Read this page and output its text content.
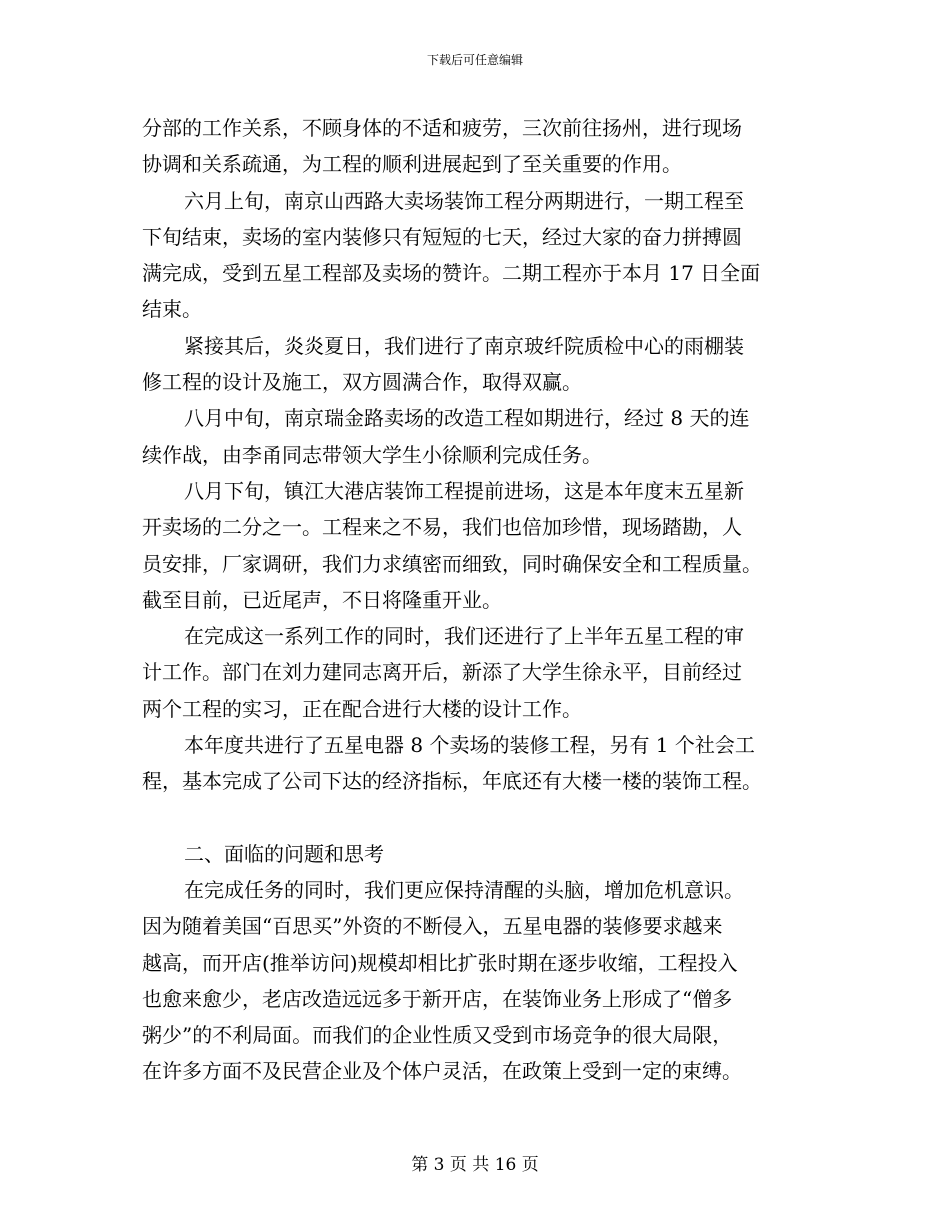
下载后可任意编辑
分部的工作关系，不顾身体的不适和疲劳，三次前往扬州，进行现场
协调和关系疏通，为工程的顺利进展起到了至关重要的作用。
六月上旬，南京山西路大卖场装饰工程分两期进行，一期工程至
下旬结束，卖场的室内装修只有短短的七天，经过大家的奋力拼搏圆
满完成，受到五星工程部及卖场的赞许。二期工程亦于本月 17 日全面
结束。
紧接其后，炎炎夏日，我们进行了南京玻纤院质检中心的雨棚装
修工程的设计及施工，双方圆满合作，取得双赢。
八月中旬，南京瑞金路卖场的改造工程如期进行，经过 8 天的连
续作战，由李甬同志带领大学生小徐顺利完成任务。
八月下旬，镇江大港店装饰工程提前进场，这是本年度末五星新
开卖场的二分之一。工程来之不易，我们也倍加珍惜，现场踏勘，人
员安排，厂家调研，我们力求缜密而细致，同时确保安全和工程质量。
截至目前，已近尾声，不日将隆重开业。
在完成这一系列工作的同时，我们还进行了上半年五星工程的审
计工作。部门在刘力建同志离开后，新添了大学生徐永平，目前经过
两个工程的实习，正在配合进行大楼的设计工作。
本年度共进行了五星电器 8 个卖场的装修工程，另有 1 个社会工
程，基本完成了公司下达的经济指标，年底还有大楼一楼的装饰工程。
二、面临的问题和思考
在完成任务的同时，我们更应保持清醒的头脑，增加危机意识。
因为随着美国“百思买”外资的不断侵入，五星电器的装修要求越来
越高，而开店(推举访问)规模却相比扩张时期在逐步收缩，工程投入
也愈来愈少，老店改造远远多于新开店，在装饰业务上形成了“僧多
粥少”的不利局面。而我们的企业性质又受到市场竞争的很大局限，
在许多方面不及民营企业及个体户灵活，在政策上受到一定的束缚。
第 3 页 共 16 页
